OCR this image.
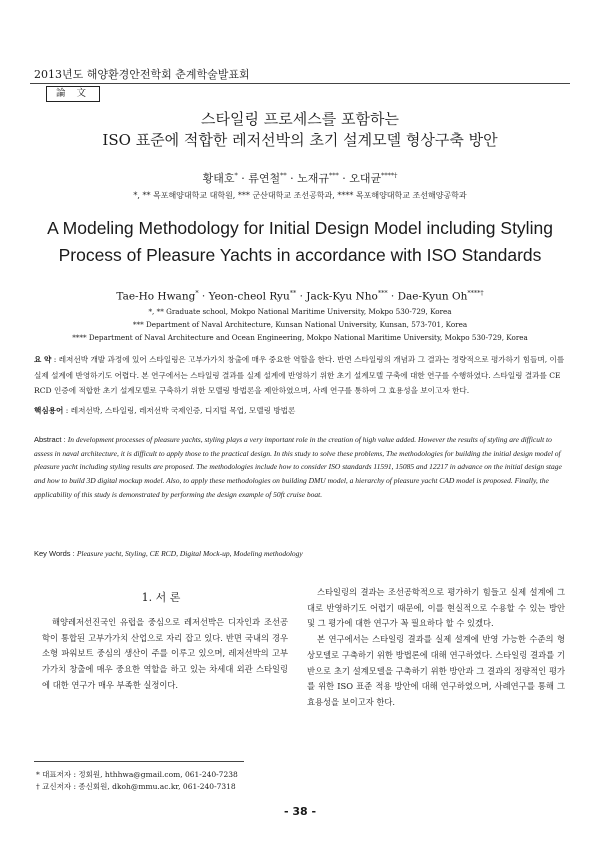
2013년도 해양환경안전학회 춘계학술발표회
論 文
스타일링 프로세스를 포함하는
ISO 표준에 적합한 레저선박의 초기 설계모델 형상구축 방안
황태호* · 류연철** · 노재규*** · 오대균****†
*, ** 목포해양대학교 대학원, *** 군산대학교 조선공학과, **** 목포해양대학교 조선해양공학과
A Modeling Methodology for Initial Design Model including Styling
Process of Pleasure Yachts in accordance with ISO Standards
Tae-Ho Hwang* · Yeon-cheol Ryu** · Jack-Kyu Nho*** · Dae-Kyun Oh****†
*, ** Graduate school, Mokpo National Maritime University, Mokpo 530-729, Korea
*** Department of Naval Architecture, Kunsan National University, Kunsan, 573-701, Korea
**** Department of Naval Architecture and Ocean Engineering, Mokpo National Maritime University, Mokpo 530-729, Korea
요 약 : 레저선박 개발 과정에 있어 스타일링은 고부가가치 창출에 매우 중요한 역할을 한다. 반면 스타일링의 개념과 그 결과는 정량적으로 평가하기 힘들며, 이를 실제 설계에 반영하기도 어렵다. 본 연구에서는 스타일링 결과를 실제 설계에 반영하기 위한 초기 설계모델 구축에 대한 연구를 수행하였다. 스타일링 결과를 CE RCD 인증에 적합한 초기 설계모델로 구축하기 위한 모델링 방법론을 제안하였으며, 사례 연구를 통하여 그 효용성을 보이고자 한다.
핵심용어 : 레저선박, 스타일링, 레저선박 국제인증, 디지털 목업, 모델링 방법론
Abstract : In development processes of pleasure yachts, styling plays a very important role in the creation of high value added. However the results of styling are difficult to assess in naval architecture, it is difficult to apply those to the practical design. In this study to solve these problems, The methodologies for building the initial design model of pleasure yacht including styling results are proposed. The methodologies include how to consider ISO standards 11591, 15085 and 12217 in advance on the initial design stage and how to build 3D digital mockup model. Also, to apply these methodologies on building DMU model, a hierarchy of pleasure yacht CAD model is proposed. Finally, the applicability of this study is demonstrated by performing the design example of 50ft cruise boat.
Key Words : Pleasure yacht, Styling, CE RCD, Digital Mock-up, Modeling methodology
1. 서 론

해양레저선진국인 유럽을 중심으로 레저선박은 디자인과 조선공학이 통합된 고부가가치 산업으로 자리 잡고 있다. 반면 국내의 경우 소형 파워보트 중심의 생산이 주를 이루고 있으며, 레저선박의 고부가가치 창출에 매우 중요한 역할을 하고 있는 차세대 외관 스타일링에 대한 연구가 매우 부족한 실정이다.

스타일링의 결과는 조선공학적으로 평가하기 힘들고 실제 설계에 그대로 반영하기도 어렵기 때문에, 이를 현실적으로 수용할 수 있는 방안 및 그 평가에 대한 연구가 꼭 필요하다 할 수 있겠다.

본 연구에서는 스타일링 결과를 실제 설계에 반영 가능한 수준의 형상모델로 구축하기 위한 방법론에 대해 연구하였다. 스타일링 결과를 기반으로 초기 설계모델을 구축하기 위한 방안과 그 결과의 정량적인 평가를 위한 ISO 표준 적용 방안에 대해 연구하였으며, 사례연구를 통해 그 효용성을 보이고자 한다.

* 대표저자 : 정회원, hthhwa@gmail.com, 061-240-7238
† 교신저자 : 종신회원, dkoh@mmu.ac.kr, 061-240-7318
- 38 -
